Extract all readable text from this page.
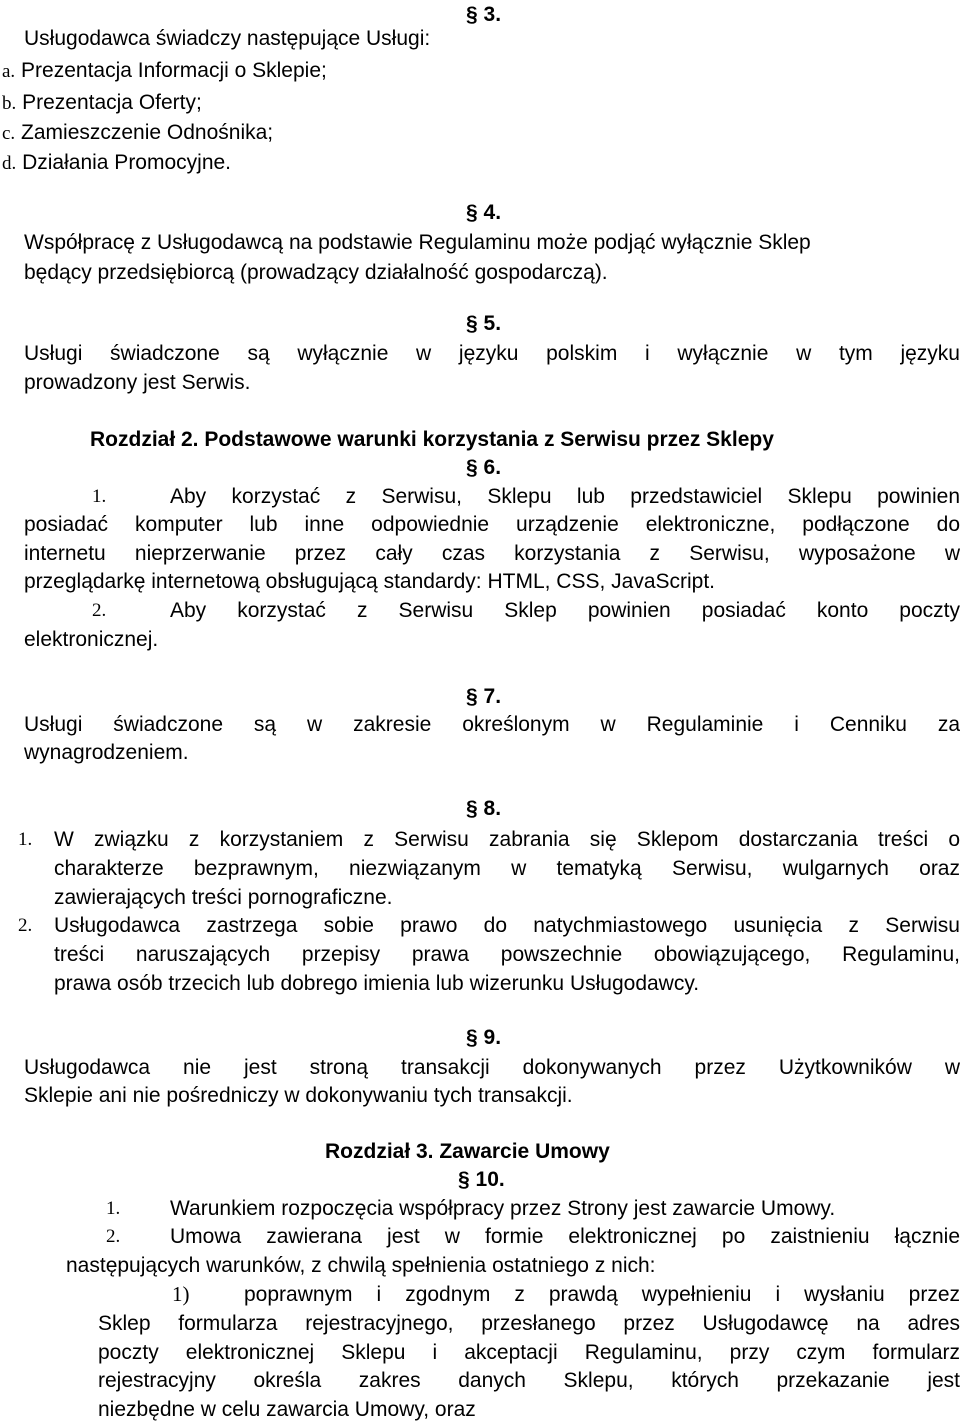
§ 3.
Usługodawca świadczy następujące Usługi:
a. Prezentacja Informacji o Sklepie;
b. Prezentacja Oferty;
c. Zamieszczenie Odnośnika;
d. Działania Promocyjne.
§ 4.
Współpracę z Usługodawcą na podstawie Regulaminu może podjąć wyłącznie Sklep
będący przedsiębiorcą (prowadzący działalność gospodarczą).
§ 5.
Usługi świadczone są wyłącznie w języku polskim i wyłącznie w tym języku
prowadzony jest Serwis.
Rozdział 2. Podstawowe warunki korzystania z Serwisu przez Sklepy
§ 6.
1.	Aby korzystać z Serwisu, Sklepu lub przedstawiciel Sklepu powinien
posiadać komputer lub inne odpowiednie urządzenie elektroniczne, podłączone do
internetu nieprzerwanie przez cały czas korzystania z Serwisu, wyposażone w
przeglądarkę internetową obsługującą standardy: HTML, CSS, JavaScript.
2.	Aby korzystać z Serwisu Sklep powinien posiadać konto poczty
elektronicznej.
§ 7.
Usługi świadczone są w zakresie określonym w Regulaminie i Cenniku za
wynagrodzeniem.
§ 8.
1. W związku z korzystaniem z Serwisu zabrania się Sklepom dostarczania treści o
charakterze bezprawnym, niezwiązanym w tematyką Serwisu, wulgarnych oraz
zawierających treści pornograficzne.
2. Usługodawca zastrzega sobie prawo do natychmiastowego usunięcia z Serwisu
treści naruszających przepisy prawa powszechnie obowiązującego, Regulaminu,
prawa osób trzecich lub dobrego imienia lub wizerunku Usługodawcy.
§ 9.
Usługodawca nie jest stroną transakcji dokonywanych przez Użytkowników w
Sklepie ani nie pośredniczy w dokonywaniu tych transakcji.
Rozdział 3. Zawarcie Umowy
§ 10.
1. Warunkiem rozpoczęcia współpracy przez Strony jest zawarcie Umowy.
2. Umowa zawierana jest w formie elektronicznej po zaistnieniu łącznie
następujących warunków, z chwilą spełnienia ostatniego z nich:
1)	poprawnym i zgodnym z prawdą wypełnieniu i wysłaniu przez
Sklep formularza rejestracyjnego, przesłanego przez Usługodawcę na adres
poczty elektronicznej Sklepu i akceptacji Regulaminu, przy czym formularz
rejestracyjny określa zakres danych Sklepu, których przekazanie jest
niezbędne w celu zawarcia Umowy, oraz
